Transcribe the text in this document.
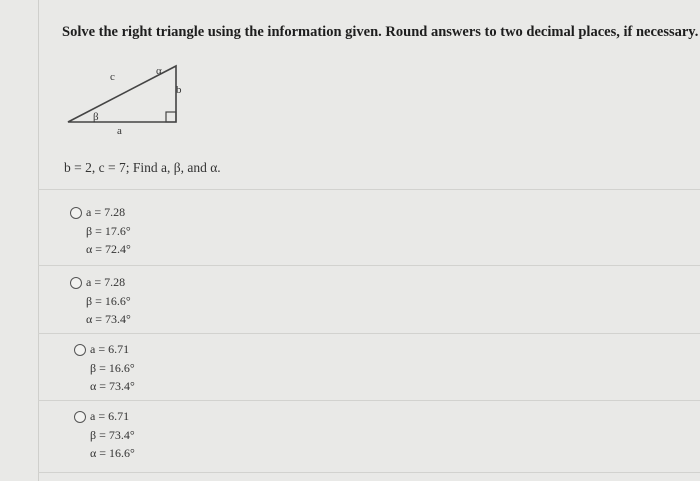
Solve the right triangle using the information given. Round answers to two decimal places, if necessary.
c	α
b
β
a
b = 2, c = 7; Find a, β, and α.
a = 7.28
β = 17.6°
α = 72.4°
a = 7.28
β = 16.6°
α = 73.4°
a = 6.71
β = 16.6°
α = 73.4°
a = 6.71
β = 73.4°
α = 16.6°
